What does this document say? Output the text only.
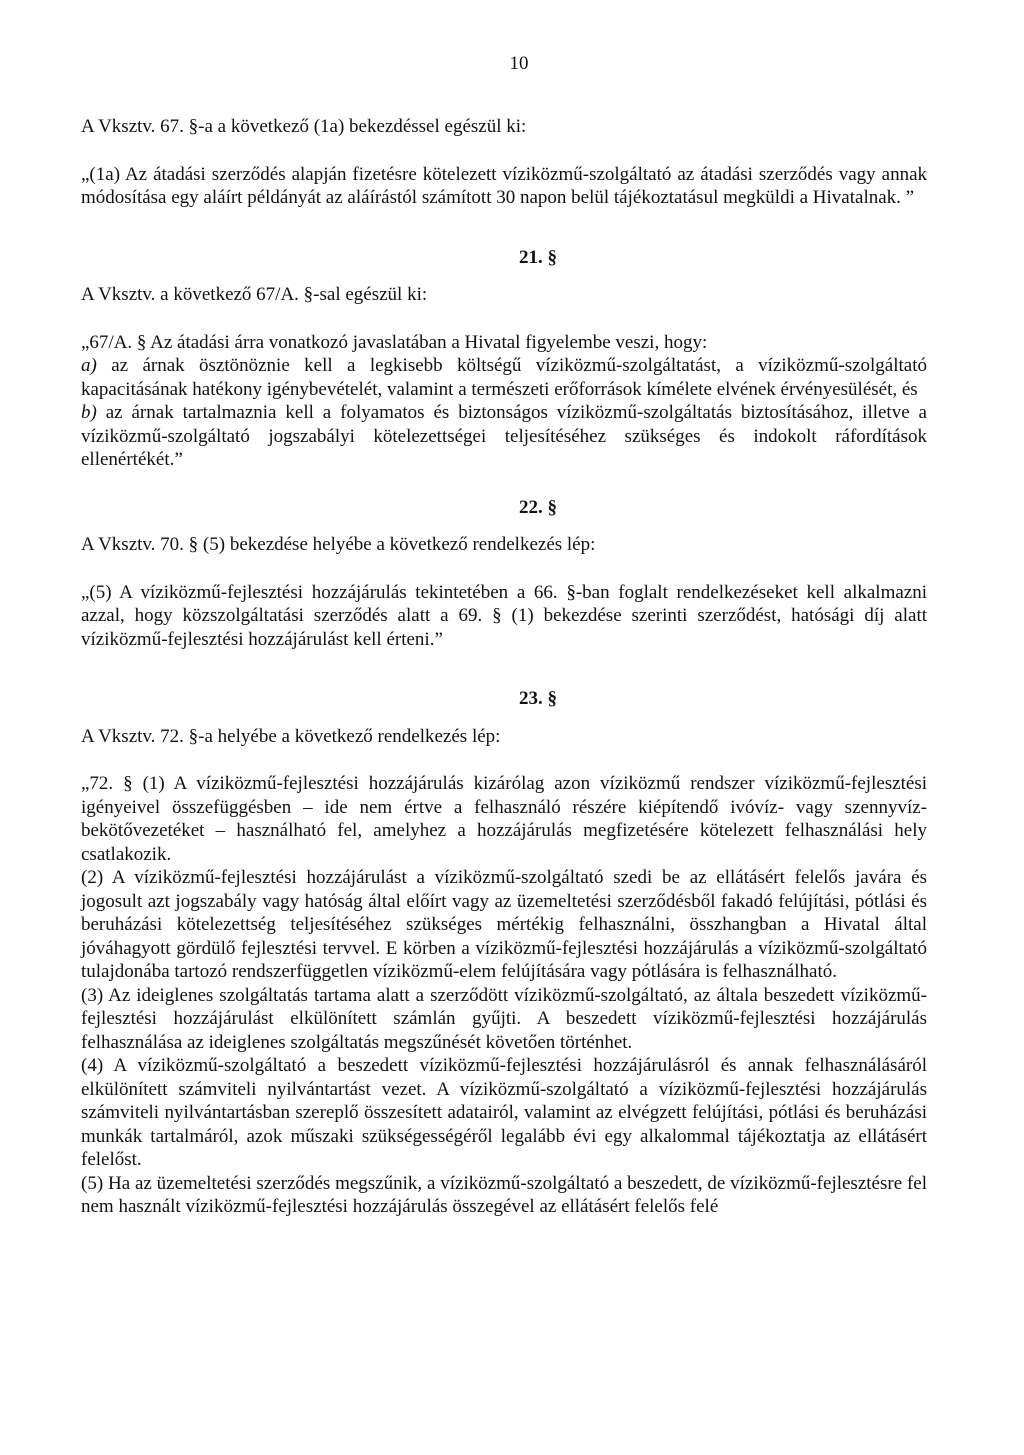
10

A Vksztv. 67. §-a a következő (1a) bekezdéssel egészül ki:

„(1a) Az átadási szerződés alapján fizetésre kötelezett víziközmű-szolgáltató az átadási szerződés vagy annak módosítása egy aláírt példányát az aláírástól számított 30 napon belül tájékoztatásul megküldi a Hivatalnak. ”

21. §

A Vksztv. a következő 67/A. §-sal egészül ki:

„67/A. § Az átadási árra vonatkozó javaslatában a Hivatal figyelembe veszi, hogy:

a) az árnak ösztönöznie kell a legkisebb költségű víziközmű-szolgáltatást, a víziközmű-szolgáltató kapacitásának hatékony igénybevételét, valamint a természeti erőforrások kímélete elvének érvényesülését, és

b) az árnak tartalmaznia kell a folyamatos és biztonságos víziközmű-szolgáltatás biztosításához, illetve a víziközmű-szolgáltató jogszabályi kötelezettségei teljesítéséhez szükséges és indokolt ráfordítások ellenértékét.”

22. §

A Vksztv. 70. § (5) bekezdése helyébe a következő rendelkezés lép:

„(5) A víziközmű-fejlesztési hozzájárulás tekintetében a 66. §-ban foglalt rendelkezéseket kell alkalmazni azzal, hogy közszolgáltatási szerződés alatt a 69. § (1) bekezdése szerinti szerződést, hatósági díj alatt víziközmű-fejlesztési hozzájárulást kell érteni.”

23. §

A Vksztv. 72. §-a helyébe a következő rendelkezés lép:

„72. § (1) A víziközmű-fejlesztési hozzájárulás kizárólag azon víziközmű rendszer víziközmű-fejlesztési igényeivel összefüggésben – ide nem értve a felhasználó részére kiépítendő ivóvíz- vagy szennyvíz-bekötővezetéket – használható fel, amelyhez a hozzájárulás megfizetésére kötelezett felhasználási hely csatlakozik.

(2) A víziközmű-fejlesztési hozzájárulást a víziközmű-szolgáltató szedi be az ellátásért felelős javára és jogosult azt jogszabály vagy hatóság által előírt vagy az üzemeltetési szerződésből fakadó felújítási, pótlási és beruházási kötelezettség teljesítéséhez szükséges mértékig felhasználni, összhangban a Hivatal által jóváhagyott gördülő fejlesztési tervvel. E körben a víziközmű-fejlesztési hozzájárulás a víziközmű-szolgáltató tulajdonába tartozó rendszerfüggetlen víziközmű-elem felújítására vagy pótlására is felhasználható.

(3) Az ideiglenes szolgáltatás tartama alatt a szerződött víziközmű-szolgáltató, az általa beszedett víziközmű-fejlesztési hozzájárulást elkülönített számlán gyűjti. A beszedett víziközmű-fejlesztési hozzájárulás felhasználása az ideiglenes szolgáltatás megszűnését követően történhet.

(4) A víziközmű-szolgáltató a beszedett víziközmű-fejlesztési hozzájárulásról és annak felhasználásáról elkülönített számviteli nyilvántartást vezet. A víziközmű-szolgáltató a víziközmű-fejlesztési hozzájárulás számviteli nyilvántartásban szereplő összesített adatairól, valamint az elvégzett felújítási, pótlási és beruházási munkák tartalmáról, azok műszaki szükségességéről legalább évi egy alkalommal tájékoztatja az ellátásért felelőst.

(5) Ha az üzemeltetési szerződés megszűnik, a víziközmű-szolgáltató a beszedett, de víziközmű-fejlesztésre fel nem használt víziközmű-fejlesztési hozzájárulás összegével az ellátásért felelős felé
